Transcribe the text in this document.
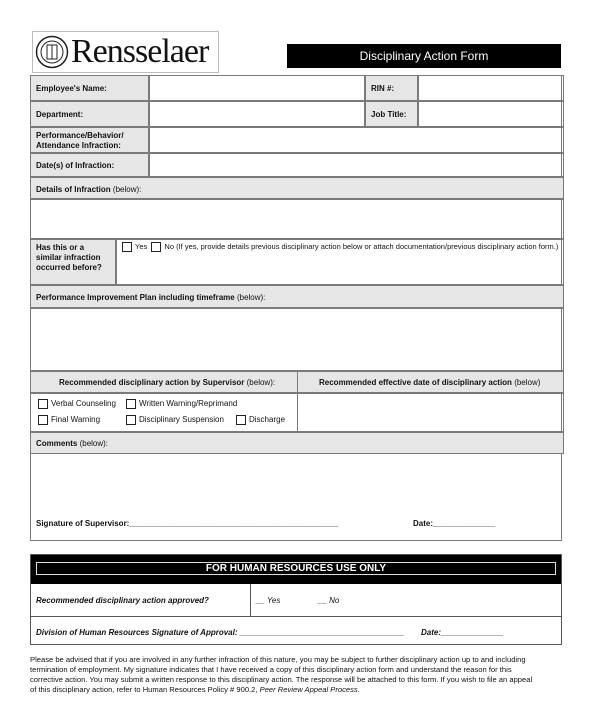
Rensselaer	Disciplinary Action Form
Employee's Name:	RIN #:
Department:	Job Title:
Performance/Behavior/
Attendance Infraction:
Date(s) of Infraction:
Details of Infraction (below):
Has this or a
similar infraction
occurred before?
Yes No (If yes, provide details previous disciplinary action below or attach documentation/previous disciplinary action form.)
Performance Improvement Plan including timeframe (below):
Recommended disciplinary action by Supervisor (below):	Recommended effective date of disciplinary action (below)
Verbal Counseling	Written Warning/Reprimand
Final Warning	Disciplinary Suspension	Discharge
Comments (below):
Signature of Supervisor:_______________________________________________	Date:______________
FOR HUMAN RESOURCES USE ONLY
Recommended disciplinary action approved?	__ Yes	__ No
Division of Human Resources Signature of Approval: _____________________________________ Date:______________
Please be advised that if you are involved in any further infraction of this nature, you may be subject to further disciplinary action up to and including
termination of employment. My signature indicates that I have received a copy of this disciplinary action form and understand the reason for this
corrective action. You may submit a written response to this disciplinary action. The response will be attached to this form. If you wish to file an appeal
of this disciplinary action, refer to Human Resources Policy # 900.2, Peer Review Appeal Process.
